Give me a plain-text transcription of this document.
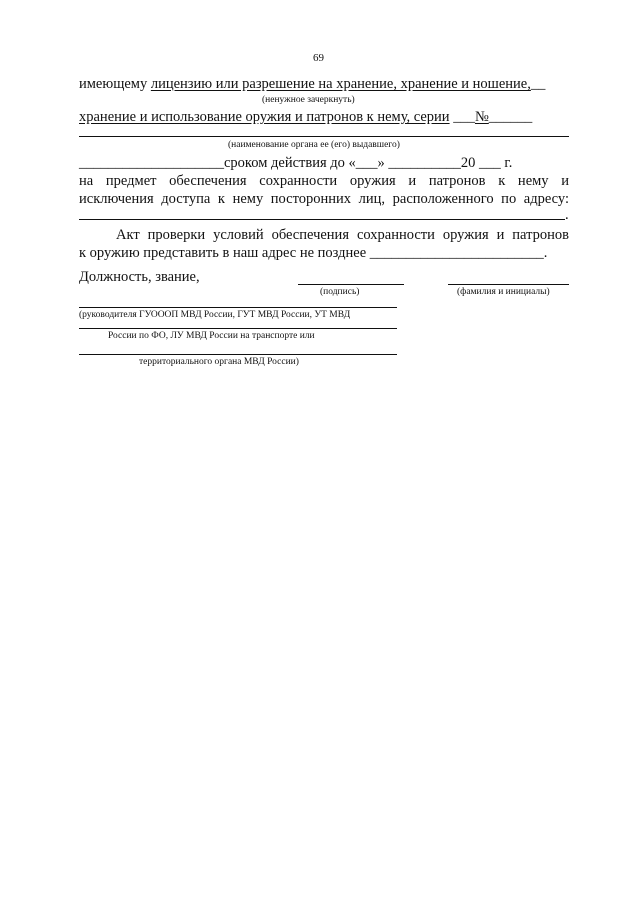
69
имеющему лицензию или разрешение на хранение, хранение и ношение,__
(ненужное зачеркнуть)
хранение и использование оружия и патронов к нему, серии ___№______
(наименование органа ее (его) выдавшего)
____________________сроком действия до «___» __________20 ___ г.
на предмет обеспечения сохранности оружия и патронов к нему и
исключения доступа к нему посторонних лиц, расположенного по адресу:
.
Акт проверки условий обеспечения сохранности оружия и патронов
к оружию представить в наш адрес не позднее ________________________.
Должность, звание,
(подпись)	(фамилия и инициалы)
(руководителя ГУОООП МВД России, ГУТ МВД России, УТ МВД
России по ФО, ЛУ МВД России на транспорте или
территориального органа МВД России)
